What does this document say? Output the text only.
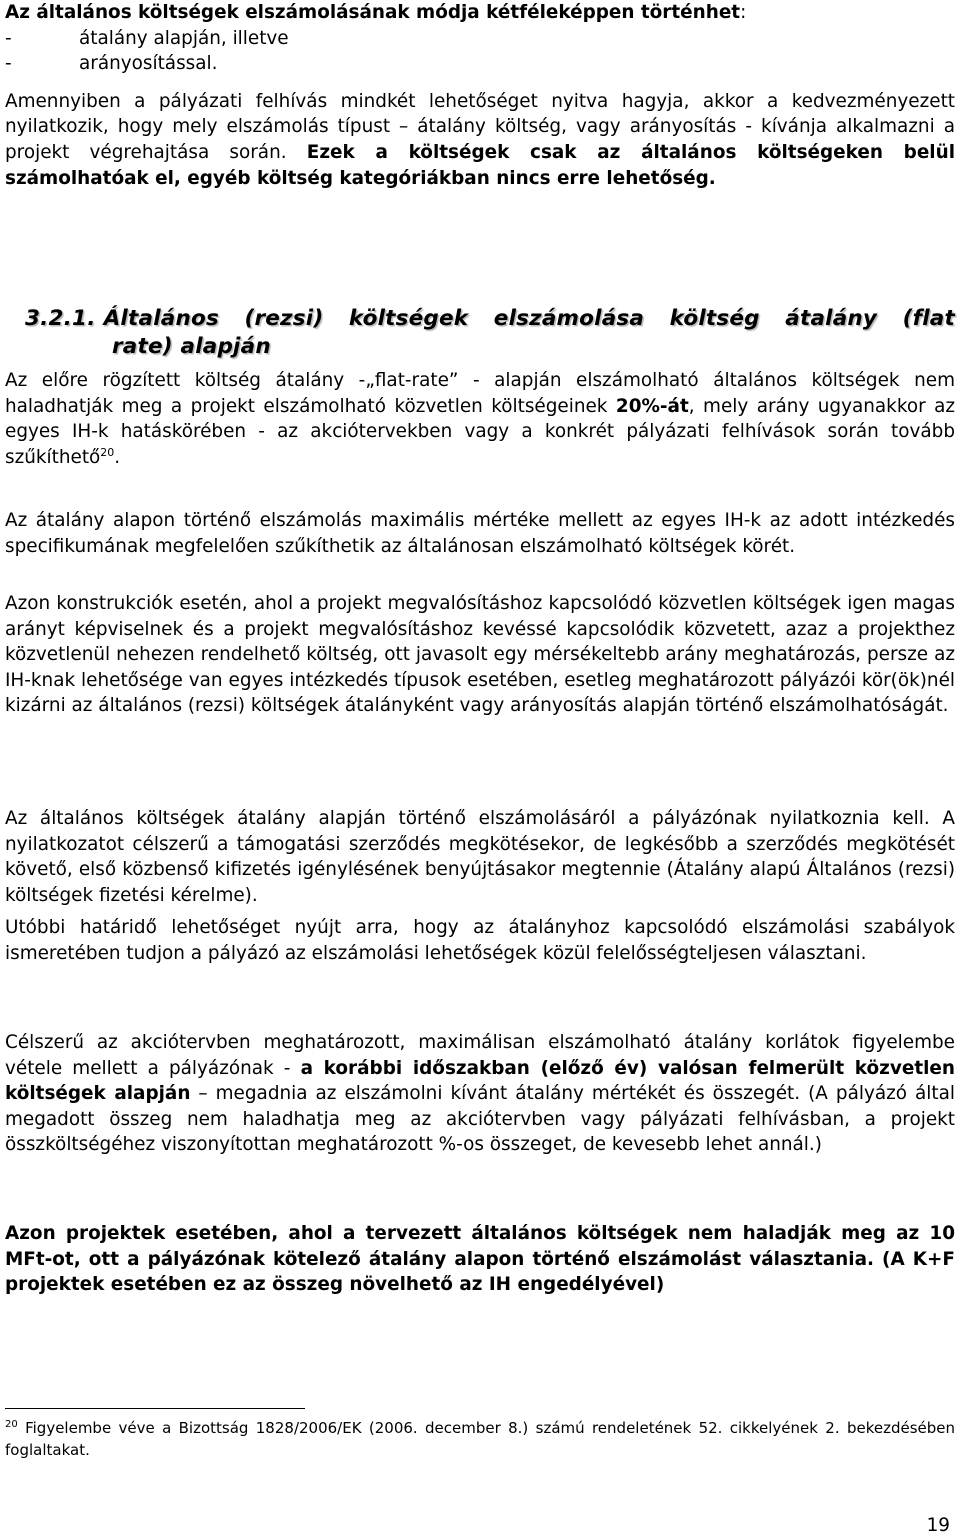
Az általános költségek elszámolásának módja kétféleképpen történhet:

-	átalány alapján, illetve
-	arányosítással.

Amennyiben a pályázati felhívás mindkét lehetőséget nyitva hagyja, akkor a kedvezményezett nyilatkozik, hogy mely elszámolás típust – átalány költség, vagy arányosítás - kívánja alkalmazni a projekt végrehajtása során. Ezek a költségek csak az általános költségeken belül számolhatóak el, egyéb költség kategóriákban nincs erre lehetőség.

3.2.1. Általános (rezsi) költségek elszámolása költség átalány (flat
rate) alapján

Az előre rögzített költség átalány -„flat-rate” - alapján elszámolható általános költségek nem haladhatják meg a projekt elszámolható közvetlen költségeinek 20%-át, mely arány ugyanakkor az egyes IH-k hatáskörében - az akciótervekben vagy a konkrét pályázati felhívások során tovább szűkíthető$^{20}$.

Az átalány alapon történő elszámolás maximális mértéke mellett az egyes IH-k az adott intézkedés specifikumának megfelelően szűkíthetik az általánosan elszámolható költségek körét.

Azon konstrukciók esetén, ahol a projekt megvalósításhoz kapcsolódó közvetlen költségek igen magas arányt képviselnek és a projekt megvalósításhoz kevéssé kapcsolódik közvetett, azaz a projekthez közvetlenül nehezen rendelhető költség, ott javasolt egy mérsékeltebb arány meghatározás, persze az IH-knak lehetősége van egyes intézkedés típusok esetében, esetleg meghatározott pályázói kör(ök)nél kizárni az általános (rezsi) költségek átalányként vagy arányosítás alapján történő elszámolhatóságát.

Az általános költségek átalány alapján történő elszámolásáról a pályázónak nyilatkoznia kell. A nyilatkozatot célszerű a támogatási szerződés megkötésekor, de legkésőbb a szerződés megkötését követő, első közbenső kifizetés igénylésének benyújtásakor megtennie (Átalány alapú Általános (rezsi) költségek fizetési kérelme).

Utóbbi határidő lehetőséget nyújt arra, hogy az átalányhoz kapcsolódó elszámolási szabályok ismeretében tudjon a pályázó az elszámolási lehetőségek közül felelősségteljesen választani.

Célszerű az akciótervben meghatározott, maximálisan elszámolható átalány korlátok figyelembe vétele mellett a pályázónak - a korábbi időszakban (előző év) valósan felmerült közvetlen költségek alapján – megadnia az elszámolni kívánt átalány mértékét és összegét. (A pályázó által megadott összeg nem haladhatja meg az akciótervben vagy pályázati felhívásban, a projekt összköltségéhez viszonyítottan meghatározott %-os összeget, de kevesebb lehet annál.)

Azon projektek esetében, ahol a tervezett általános költségek nem haladják meg az 10 MFt-ot, ott a pályázónak kötelező átalány alapon történő elszámolást választania. (A K+F projektek esetében ez az összeg növelhető az IH engedélyével)

$^{20}$ Figyelembe véve a Bizottság 1828/2006/EK (2006. december 8.) számú rendeletének 52. cikkelyének 2. bekezdésében foglaltakat.
19
